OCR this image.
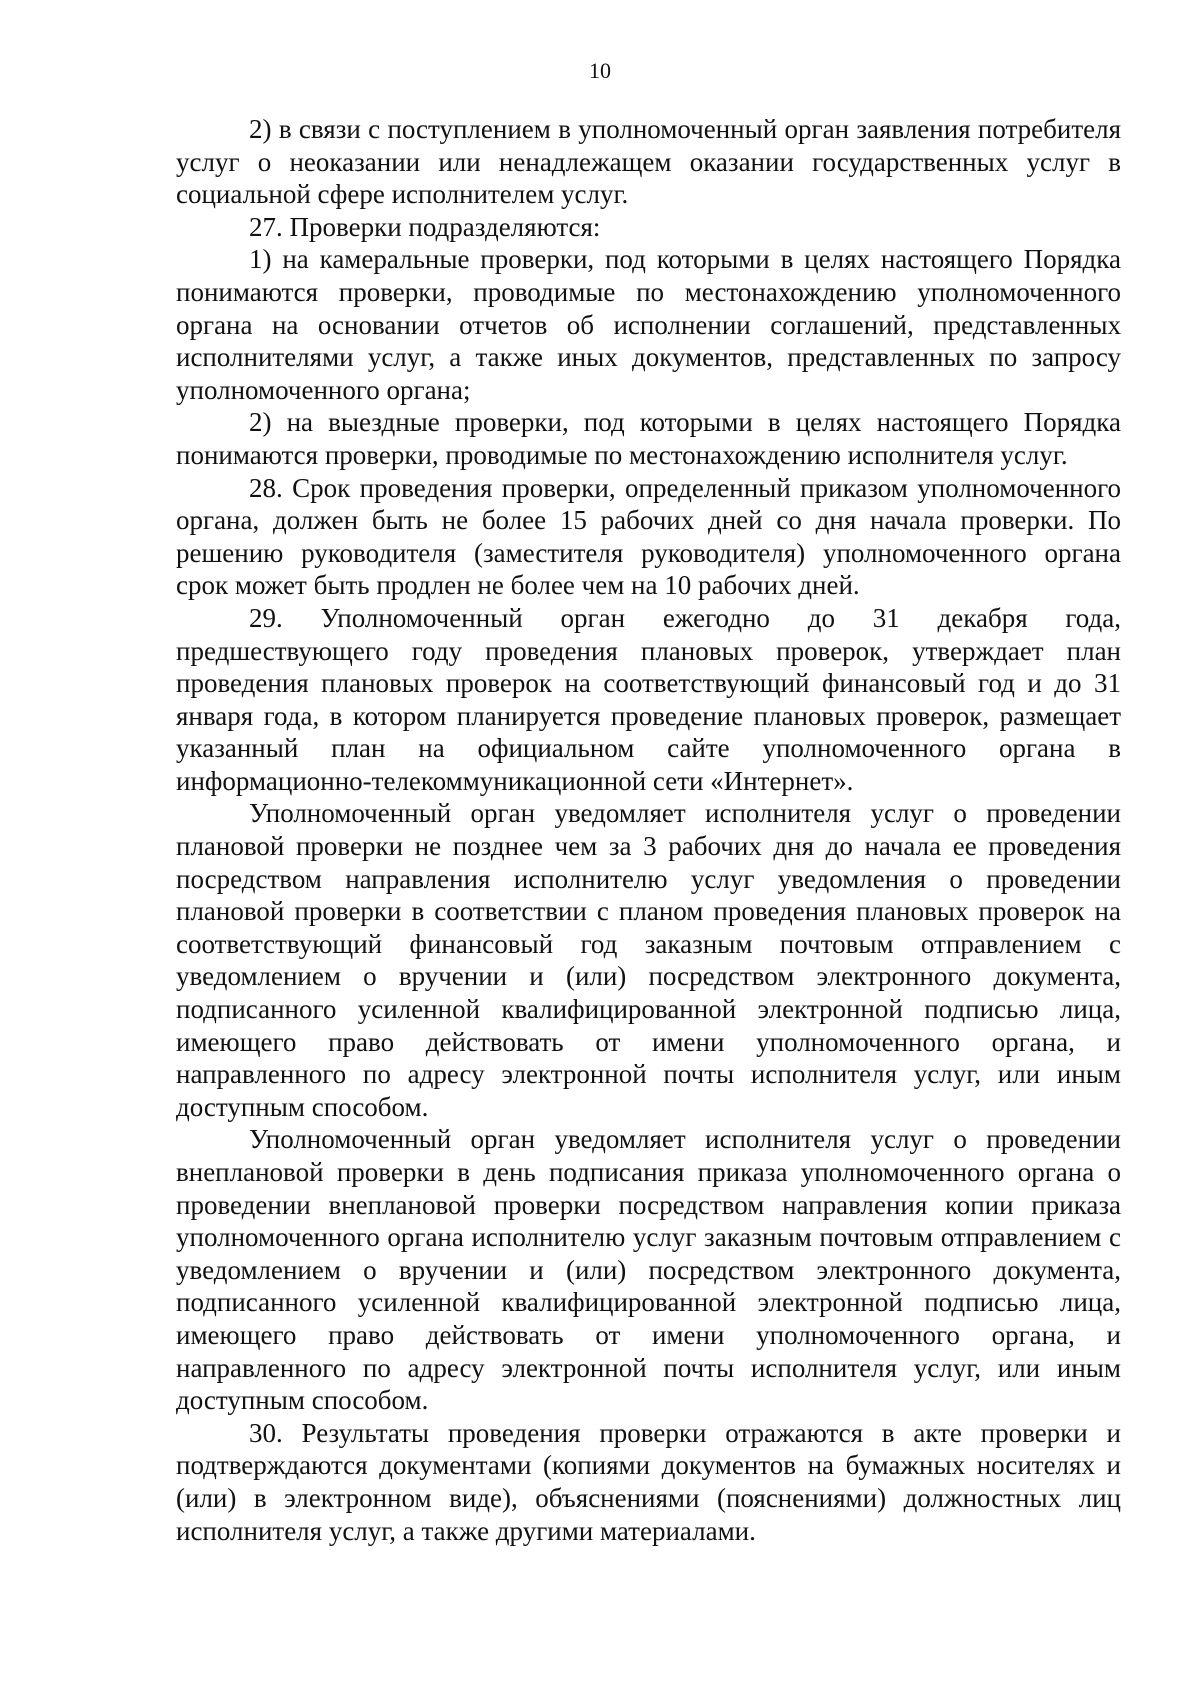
10

2) в связи с поступлением в уполномоченный орган заявления потребителя услуг о неоказании или ненадлежащем оказании государственных услуг в социальной сфере исполнителем услуг.

27. Проверки подразделяются:

1) на камеральные проверки, под которыми в целях настоящего Порядка понимаются проверки, проводимые по местонахождению уполномоченного органа на основании отчетов об исполнении соглашений, представленных исполнителями услуг, а также иных документов, представленных по запросу уполномоченного органа;

2) на выездные проверки, под которыми в целях настоящего Порядка понимаются проверки, проводимые по местонахождению исполнителя услуг.

28. Срок проведения проверки, определенный приказом уполномоченного органа, должен быть не более 15 рабочих дней со дня начала проверки. По решению руководителя (заместителя руководителя) уполномоченного органа срок может быть продлен не более чем на 10 рабочих дней.

29. Уполномоченный орган ежегодно до 31 декабря года, предшествующего году проведения плановых проверок, утверждает план проведения плановых проверок на соответствующий финансовый год и до 31 января года, в котором планируется проведение плановых проверок, размещает указанный план на официальном сайте уполномоченного органа в информационно-телекоммуникационной сети «Интернет».

Уполномоченный орган уведомляет исполнителя услуг о проведении плановой проверки не позднее чем за 3 рабочих дня до начала ее проведения посредством направления исполнителю услуг уведомления о проведении плановой проверки в соответствии с планом проведения плановых проверок на соответствующий финансовый год заказным почтовым отправлением с уведомлением о вручении и (или) посредством электронного документа, подписанного усиленной квалифицированной электронной подписью лица, имеющего право действовать от имени уполномоченного органа, и направленного по адресу электронной почты исполнителя услуг, или иным доступным способом.

Уполномоченный орган уведомляет исполнителя услуг о проведении внеплановой проверки в день подписания приказа уполномоченного органа о проведении внеплановой проверки посредством направления копии приказа уполномоченного органа исполнителю услуг заказным почтовым отправлением с уведомлением о вручении и (или) посредством электронного документа, подписанного усиленной квалифицированной электронной подписью лица, имеющего право действовать от имени уполномоченного органа, и направленного по адресу электронной почты исполнителя услуг, или иным доступным способом.

30. Результаты проведения проверки отражаются в акте проверки и подтверждаются документами (копиями документов на бумажных носителях и (или) в электронном виде), объяснениями (пояснениями) должностных лиц исполнителя услуг, а также другими материалами.
